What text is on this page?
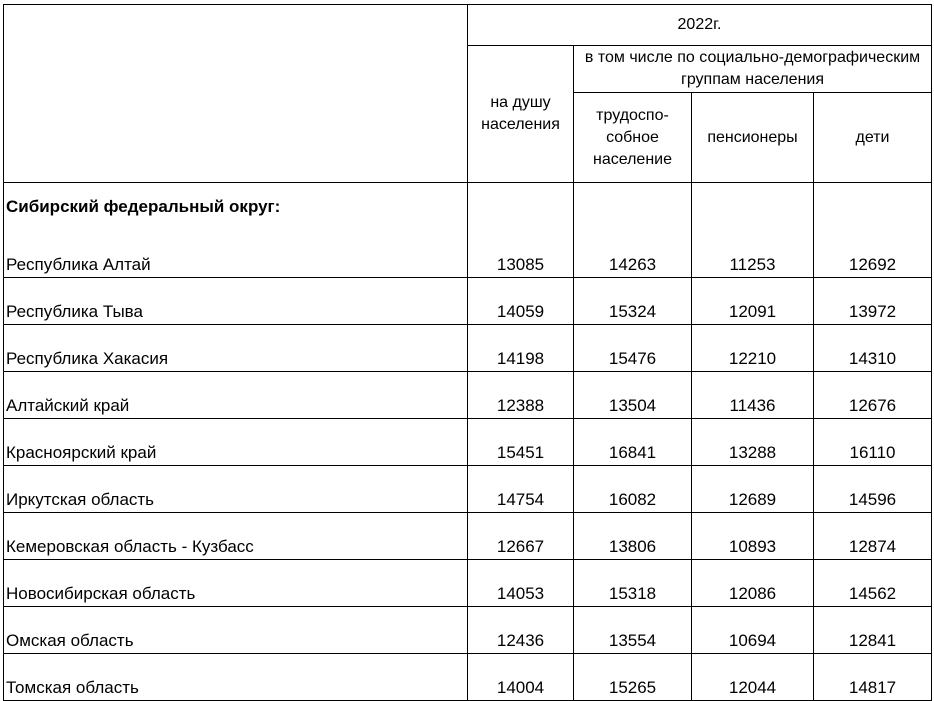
	2022г.			
	на душу населения	в том числе по социально-демографическим группам населения		
		трудоспо-собное население	пенсионеры	дети
Сибирский федеральный округ:				
Республика Алтай	13085	14263	11253	12692
Республика Тыва	14059	15324	12091	13972
Республика Хакасия	14198	15476	12210	14310
Алтайский край	12388	13504	11436	12676
Красноярский край	15451	16841	13288	16110
Иркутская область	14754	16082	12689	14596
Кемеровская область - Кузбасс	12667	13806	10893	12874
Новосибирская область	14053	15318	12086	14562
Омская область	12436	13554	10694	12841
Томская область	14004	15265	12044	14817
